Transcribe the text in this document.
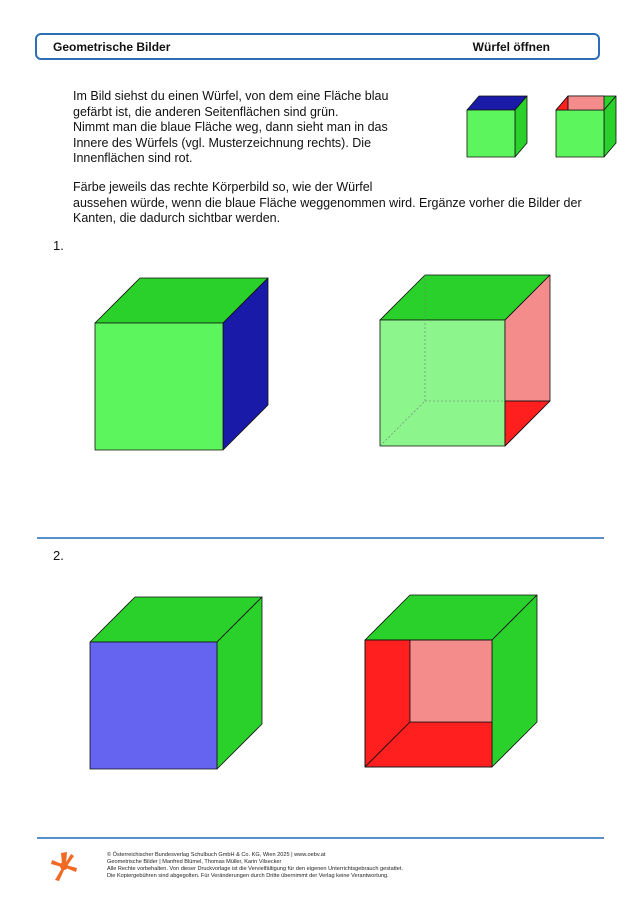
Geometrische Bilder	Würfel öffnen
Im Bild siehst du einen Würfel, von dem eine Fläche blau
gefärbt ist, die anderen Seitenflächen sind grün.
Nimmt man die blaue Fläche weg, dann sieht man in das
Innere des Würfels (vgl. Musterzeichnung rechts). Die
Innenflächen sind rot.
Färbe jeweils das rechte Körperbild so, wie der Würfel
aussehen würde, wenn die blaue Fläche weggenommen wird. Ergänze vorher die Bilder der
Kanten, die dadurch sichtbar werden.
1.
2.
© Österreichischer Bundesverlag Schulbuch GmbH & Co. KG, Wien 2025 | www.oebv.at
Geometrische Bilder | Manfred Blümel, Thomas Müller, Karin Vilsecker
Alle Rechte vorbehalten. Von dieser Druckvorlage ist die Vervielfältigung für den eigenen Unterrichtsgebrauch gestattet.
Die Kopiergebühren sind abgegolten. Für Veränderungen durch Dritte übernimmt der Verlag keine Verantwortung.
